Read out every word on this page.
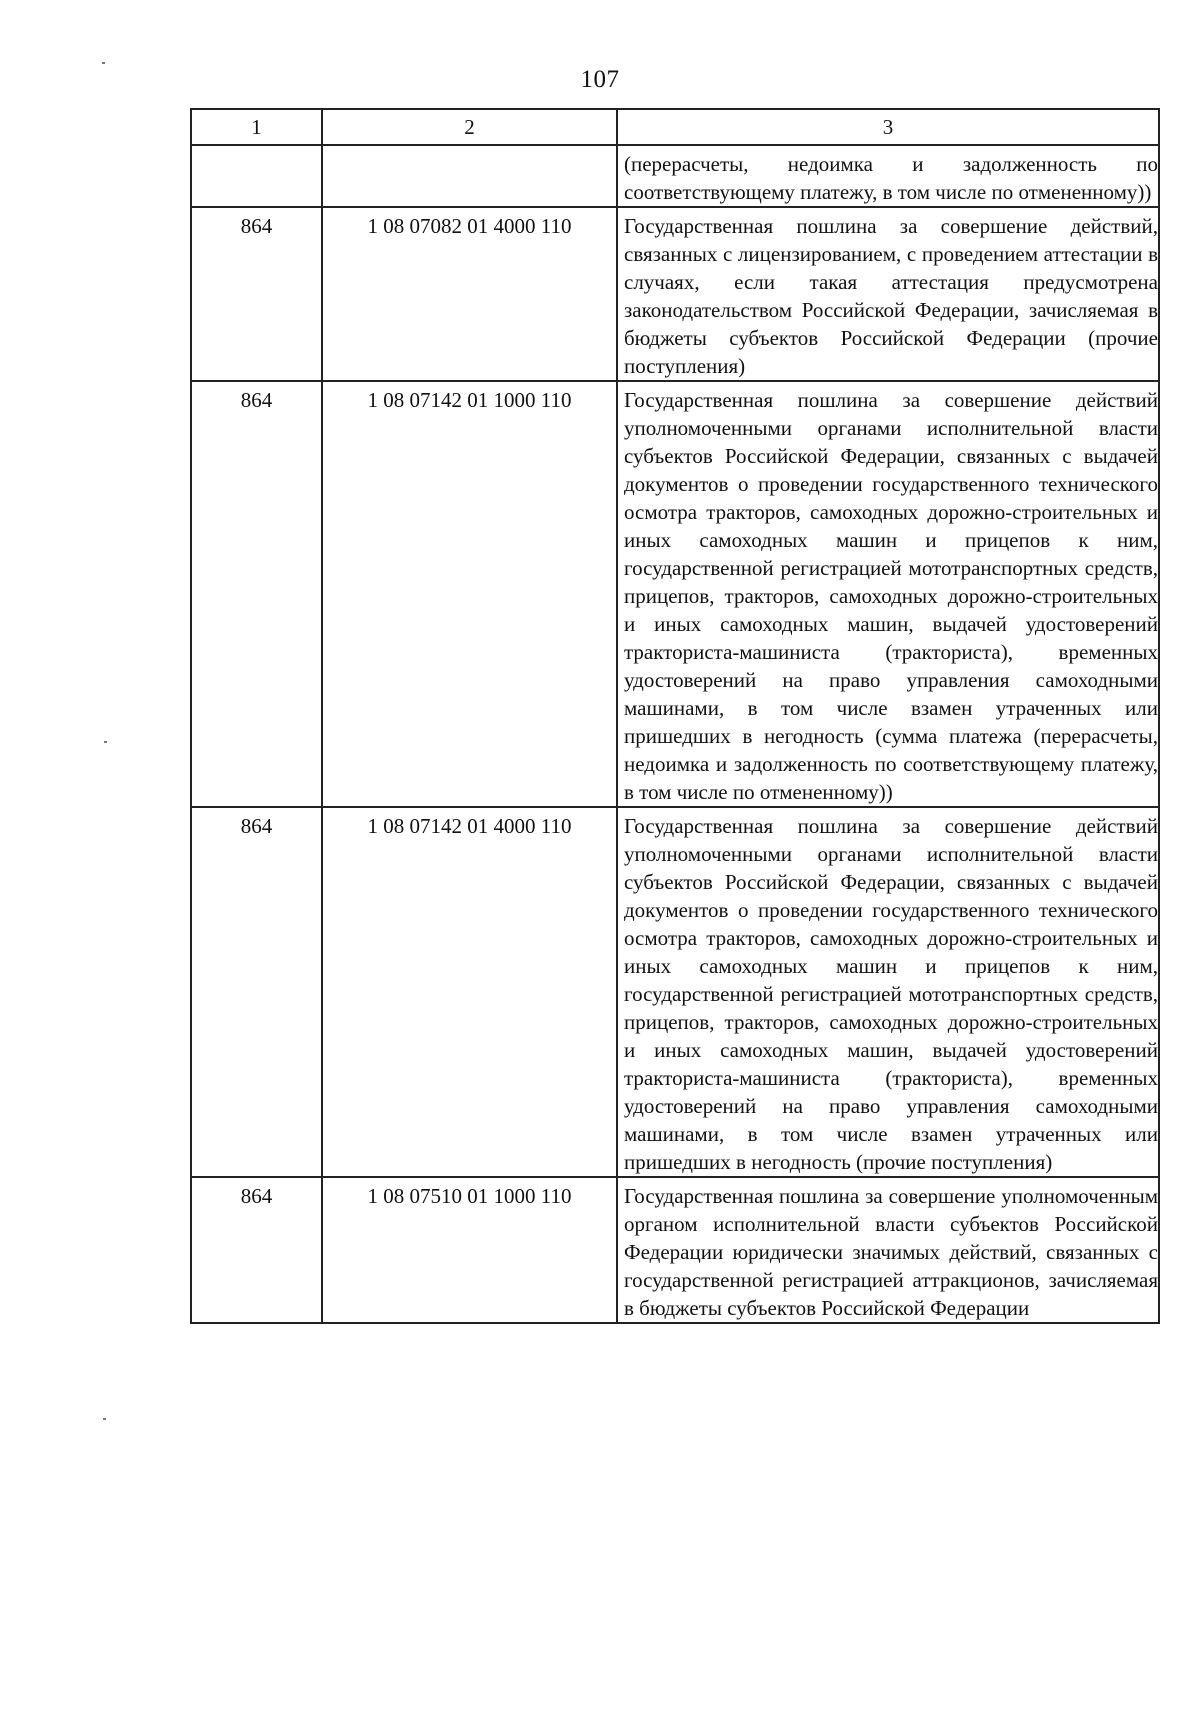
107
1	2	3
		(перерасчеты, недоимка и задолженность по соответствующему платежу, в том числе по отмененному))
864	1 08 07082 01 4000 110	Государственная пошлина за совершение действий, связанных с лицензированием, с проведением аттестации в случаях, если такая аттестация предусмотрена законодательством Российской Федерации, зачисляемая в бюджеты субъектов Российской Федерации (прочие поступления)
864	1 08 07142 01 1000 110	Государственная пошлина за совершение действий уполномоченными органами исполнительной власти субъектов Российской Федерации, связанных с выдачей документов о проведении государственного технического осмотра тракторов, самоходных дорожно-строительных и иных самоходных машин и прицепов к ним, государственной регистрацией мототранспортных средств, прицепов, тракторов, самоходных дорожно-строительных и иных самоходных машин, выдачей удостоверений тракториста-машиниста (тракториста), временных удостоверений на право управления самоходными машинами, в том числе взамен утраченных или пришедших в негодность (сумма платежа (перерасчеты, недоимка и задолженность по соответствующему платежу, в том числе по отмененному))
864	1 08 07142 01 4000 110	Государственная пошлина за совершение действий уполномоченными органами исполнительной власти субъектов Российской Федерации, связанных с выдачей документов о проведении государственного технического осмотра тракторов, самоходных дорожно-строительных и иных самоходных машин и прицепов к ним, государственной регистрацией мототранспортных средств, прицепов, тракторов, самоходных дорожно-строительных и иных самоходных машин, выдачей удостоверений тракториста-машиниста (тракториста), временных удостоверений на право управления самоходными машинами, в том числе взамен утраченных или пришедших в негодность (прочие поступления)
864	1 08 07510 01 1000 110	Государственная пошлина за совершение уполномоченным органом исполнительной власти субъектов Российской Федерации юридически значимых действий, связанных с государственной регистрацией аттракционов, зачисляемая в бюджеты субъектов Российской Федерации
